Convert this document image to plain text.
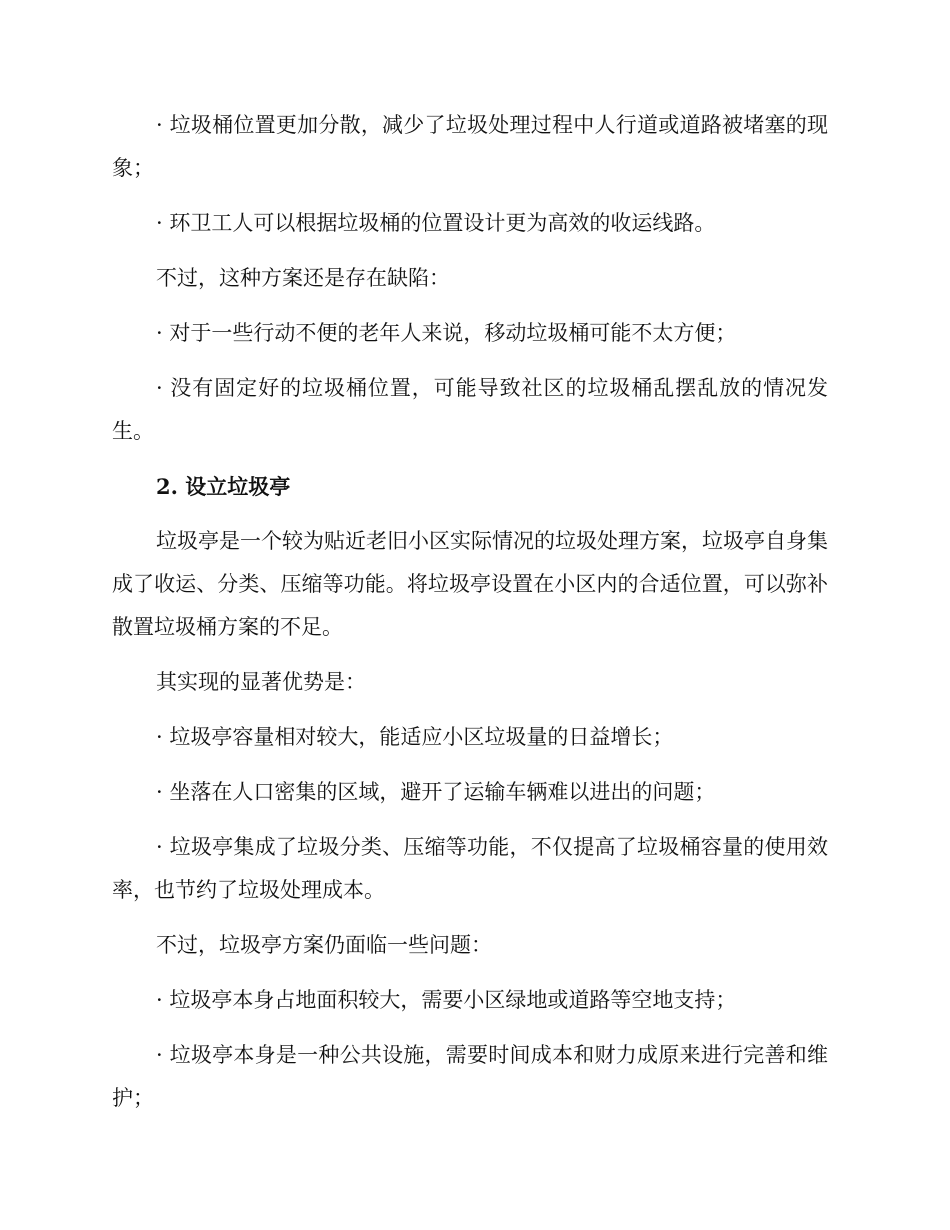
· 垃圾桶位置更加分散，减少了垃圾处理过程中人行道或道路被堵塞的现象；

· 环卫工人可以根据垃圾桶的位置设计更为高效的收运线路。

不过，这种方案还是存在缺陷：

· 对于一些行动不便的老年人来说，移动垃圾桶可能不太方便；

· 没有固定好的垃圾桶位置，可能导致社区的垃圾桶乱摆乱放的情况发生。

2. 设立垃圾亭

垃圾亭是一个较为贴近老旧小区实际情况的垃圾处理方案，垃圾亭自身集成了收运、分类、压缩等功能。将垃圾亭设置在小区内的合适位置，可以弥补散置垃圾桶方案的不足。

其实现的显著优势是：

· 垃圾亭容量相对较大，能适应小区垃圾量的日益增长；

· 坐落在人口密集的区域，避开了运输车辆难以进出的问题；

· 垃圾亭集成了垃圾分类、压缩等功能，不仅提高了垃圾桶容量的使用效率，也节约了垃圾处理成本。

不过，垃圾亭方案仍面临一些问题：

· 垃圾亭本身占地面积较大，需要小区绿地或道路等空地支持；

· 垃圾亭本身是一种公共设施，需要时间成本和财力成原来进行完善和维护；
